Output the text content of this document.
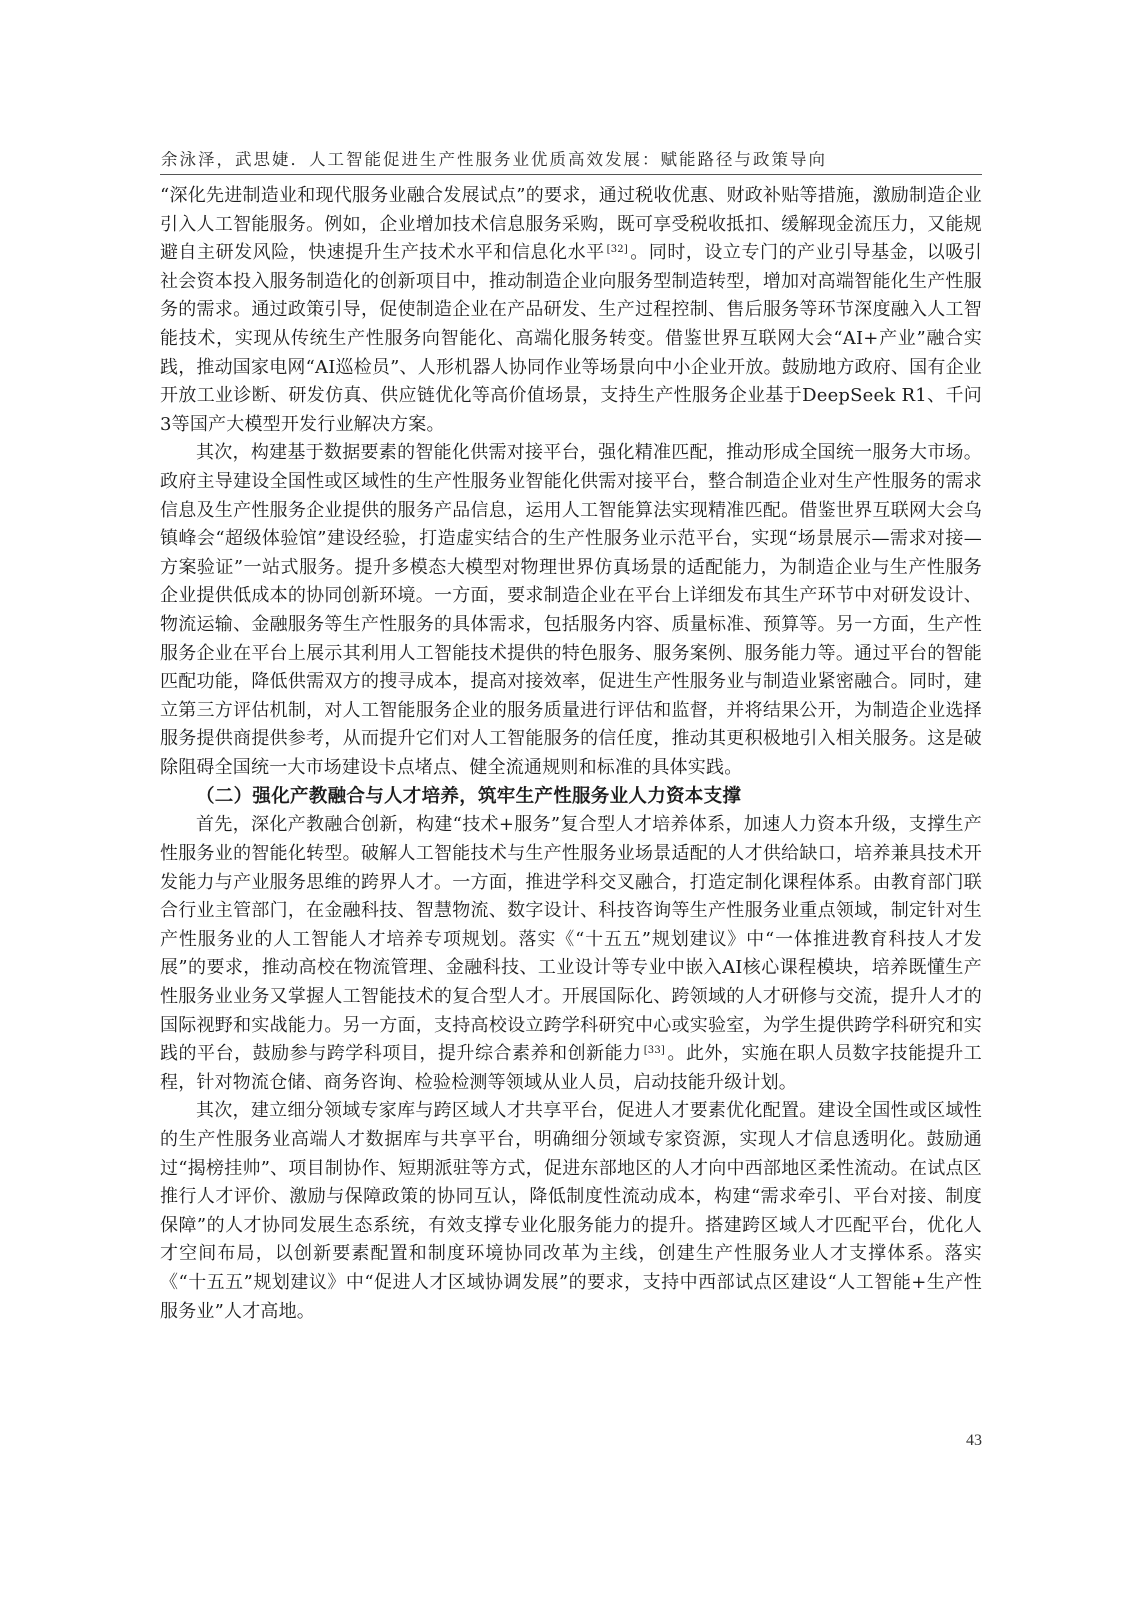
余泳泽，武思婕．人工智能促进生产性服务业优质高效发展：赋能路径与政策导向

“深化先进制造业和现代服务业融合发展试点”的要求，通过税收优惠、财政补贴等措施，激励制造企业引入人工智能服务。例如，企业增加技术信息服务采购，既可享受税收抵扣、缓解现金流压力，又能规避自主研发风险，快速提升生产技术水平和信息化水平 [32] 。同时，设立专门的产业引导基金，以吸引社会资本投入服务制造化的创新项目中，推动制造企业向服务型制造转型，增加对高端智能化生产性服务的需求。通过政策引导，促使制造企业在产品研发、生产过程控制、售后服务等环节深度融入人工智能技术，实现从传统生产性服务向智能化、高端化服务转变。借鉴世界互联网大会“AI+产业”融合实践，推动国家电网“AI巡检员”、人形机器人协同作业等场景向中小企业开放。鼓励地方政府、国有企业开放工业诊断、研发仿真、供应链优化等高价值场景，支持生产性服务企业基于DeepSeek R1、千问3等国产大模型开发行业解决方案。

其次，构建基于数据要素的智能化供需对接平台，强化精准匹配，推动形成全国统一服务大市场。政府主导建设全国性或区域性的生产性服务业智能化供需对接平台，整合制造企业对生产性服务的需求信息及生产性服务企业提供的服务产品信息，运用人工智能算法实现精准匹配。借鉴世界互联网大会乌镇峰会“超级体验馆”建设经验，打造虚实结合的生产性服务业示范平台，实现“场景展示—需求对接—方案验证”一站式服务。提升多模态大模型对物理世界仿真场景的适配能力，为制造企业与生产性服务企业提供低成本的协同创新环境。一方面，要求制造企业在平台上详细发布其生产环节中对研发设计、物流运输、金融服务等生产性服务的具体需求，包括服务内容、质量标准、预算等。另一方面，生产性服务企业在平台上展示其利用人工智能技术提供的特色服务、服务案例、服务能力等。通过平台的智能匹配功能，降低供需双方的搜寻成本，提高对接效率，促进生产性服务业与制造业紧密融合。同时，建立第三方评估机制，对人工智能服务企业的服务质量进行评估和监督，并将结果公开，为制造企业选择服务提供商提供参考，从而提升它们对人工智能服务的信任度，推动其更积极地引入相关服务。这是破除阻碍全国统一大市场建设卡点堵点、健全流通规则和标准的具体实践。

（二）强化产教融合与人才培养，筑牢生产性服务业人力资本支撑

首先，深化产教融合创新，构建“技术+服务”复合型人才培养体系，加速人力资本升级，支撑生产性服务业的智能化转型。破解人工智能技术与生产性服务业场景适配的人才供给缺口，培养兼具技术开发能力与产业服务思维的跨界人才。一方面，推进学科交叉融合，打造定制化课程体系。由教育部门联合行业主管部门，在金融科技、智慧物流、数字设计、科技咨询等生产性服务业重点领域，制定针对生产性服务业的人工智能人才培养专项规划。落实《“十五五”规划建议》中“一体推进教育科技人才发展”的要求，推动高校在物流管理、金融科技、工业设计等专业中嵌入AI核心课程模块，培养既懂生产性服务业业务又掌握人工智能技术的复合型人才。开展国际化、跨领域的人才研修与交流，提升人才的国际视野和实战能力。另一方面，支持高校设立跨学科研究中心或实验室，为学生提供跨学科研究和实践的平台，鼓励参与跨学科项目，提升综合素养和创新能力 [33] 。此外，实施在职人员数字技能提升工程，针对物流仓储、商务咨询、检验检测等领域从业人员，启动技能升级计划。

其次，建立细分领域专家库与跨区域人才共享平台，促进人才要素优化配置。建设全国性或区域性的生产性服务业高端人才数据库与共享平台，明确细分领域专家资源，实现人才信息透明化。鼓励通过“揭榜挂帅”、项目制协作、短期派驻等方式，促进东部地区的人才向中西部地区柔性流动。在试点区推行人才评价、激励与保障政策的协同互认，降低制度性流动成本，构建“需求牵引、平台对接、制度保障”的人才协同发展生态系统，有效支撑专业化服务能力的提升。搭建跨区域人才匹配平台，优化人才空间布局，以创新要素配置和制度环境协同改革为主线，创建生产性服务业人才支撑体系。落实《“十五五”规划建议》中“促进人才区域协调发展”的要求，支持中西部试点区建设“人工智能+生产性服务业”人才高地。

43
